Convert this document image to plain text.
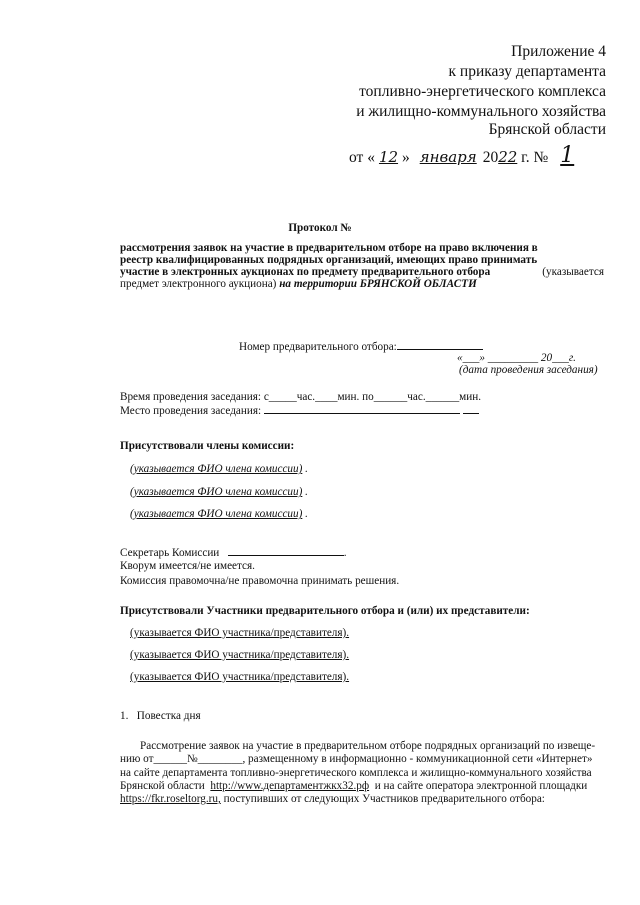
Приложение 4
к приказу департамента
топливно-энергетического комплекса
и жилищно-коммунального хозяйства
Брянской области
от « 12 » января 2022 г. № 1
Протокол №
рассмотрения заявок на участие в предварительном отборе на право включения в
реестр квалифицированных подрядных организаций, имеющих право принимать
участие в электронных аукционах по предмету предварительного отбора	(указывается
предмет электронного аукциона) на территории БРЯНСКОЙ ОБЛАСТИ
Номер предварительного отбора:
«___» _________ 20___г.
(дата проведения заседания)
Время проведения заседания: с_____час.____мин. по______час.______мин.
Место проведения заседания:
Присутствовали члены комиссии:
(указывается ФИО члена комиссии) .
(указывается ФИО члена комиссии) .
(указывается ФИО члена комиссии) .
Секретарь Комиссии	.
Кворум имеется/не имеется.
Комиссия правомочна/не правомочна принимать решения.
Присутствовали Участники предварительного отбора и (или) их представители:
(указывается ФИО участника/представителя).
(указывается ФИО участника/представителя).
(указывается ФИО участника/представителя).
1. Повестка дня
Рассмотрение заявок на участие в предварительном отборе подрядных организаций по извеще-
нию от______№________, размещенному в информационно - коммуникационной сети «Интернет»
на сайте департамента топливно-энергетического комплекса и жилищно-коммунального хозяйства
Брянской области http://www.департаментжкх32.рф и на сайте оператора электронной площадки
https://fkr.roseltorg.ru, поступивших от следующих Участников предварительного отбора:
